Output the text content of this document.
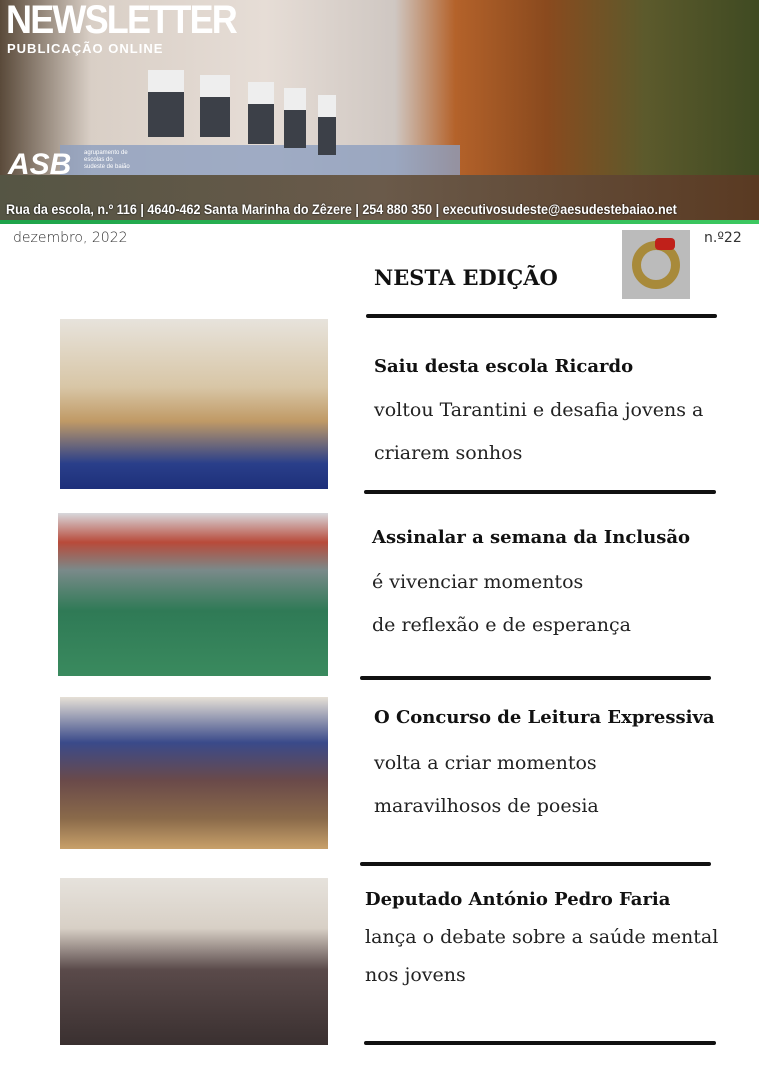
NEWSLETTER
PUBLICAÇÃO ONLINE
ASB agrupamento de escolas do sudeste de baião
Rua da escola, n.º 116 | 4640-462 Santa Marinha do Zêzere | 254 880 350 | executivosudeste@aesudestebaiao.net
dezembro, 2022	n.º22
NESTA EDIÇÃO
Saiu desta escola Ricardo
voltou Tarantini e desafia jovens a
criarem sonhos
Assinalar a semana da Inclusão
é vivenciar momentos
de reflexão e de esperança
O Concurso de Leitura Expressiva
volta a criar momentos
maravilhosos de poesia
Deputado António Pedro Faria
lança o debate sobre a saúde mental
nos jovens
